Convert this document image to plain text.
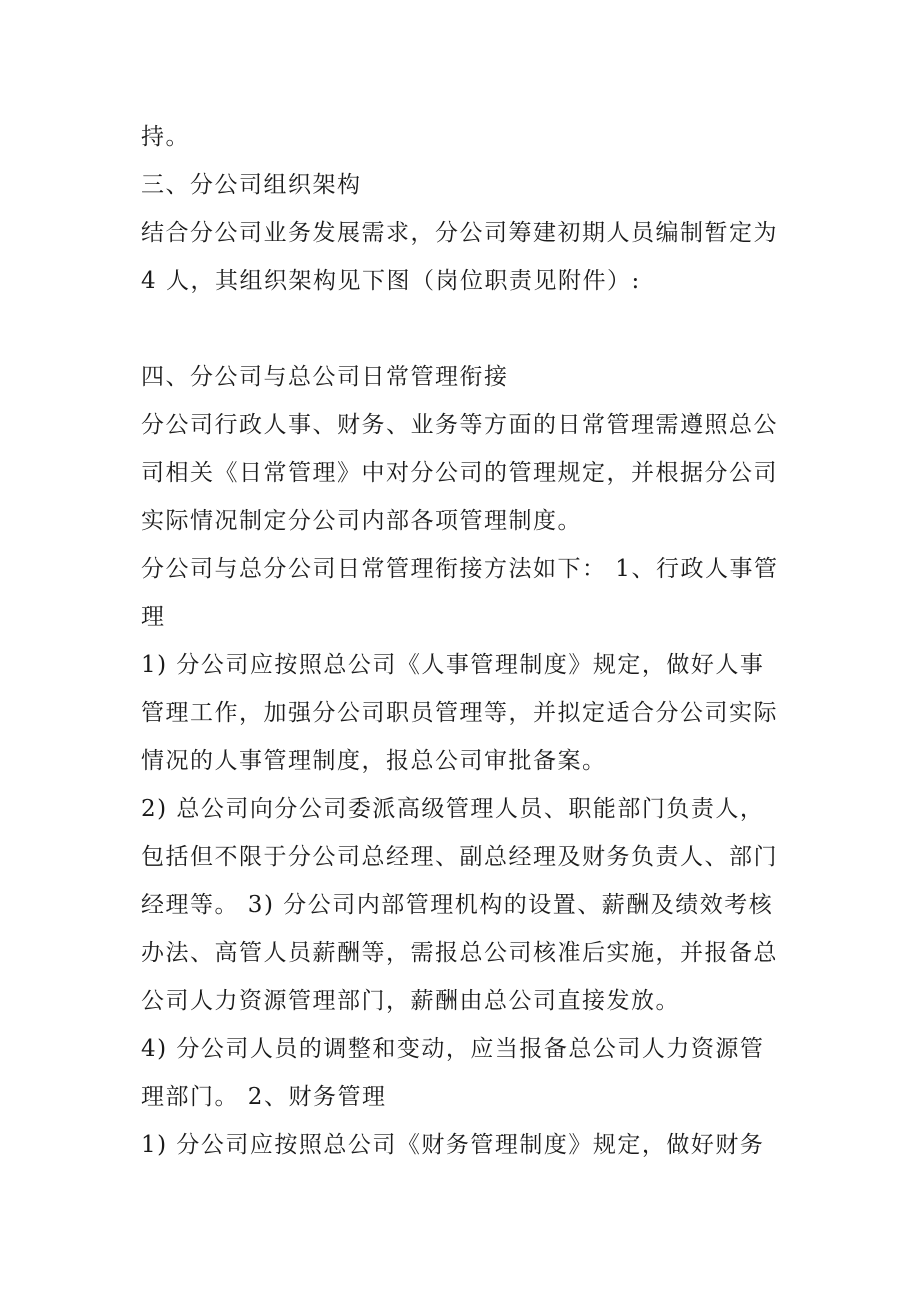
持。
三、分公司组织架构
结合分公司业务发展需求，分公司筹建初期人员编制暂定为
4 人，其组织架构见下图（岗位职责见附件）:
四、分公司与总公司日常管理衔接
分公司行政人事、财务、业务等方面的日常管理需遵照总公
司相关《日常管理》中对分公司的管理规定，并根据分公司
实际情况制定分公司内部各项管理制度。
分公司与总分公司日常管理衔接方法如下： 1、行政人事管
理
1) 分公司应按照总公司《人事管理制度》规定，做好人事
管理工作，加强分公司职员管理等，并拟定适合分公司实际
情况的人事管理制度，报总公司审批备案。
2) 总公司向分公司委派高级管理人员、职能部门负责人，
包括但不限于分公司总经理、副总经理及财务负责人、部门
经理等。 3) 分公司内部管理机构的设置、薪酬及绩效考核
办法、高管人员薪酬等，需报总公司核准后实施，并报备总
公司人力资源管理部门，薪酬由总公司直接发放。
4) 分公司人员的调整和变动，应当报备总公司人力资源管
理部门。 2、财务管理
1) 分公司应按照总公司《财务管理制度》规定，做好财务
